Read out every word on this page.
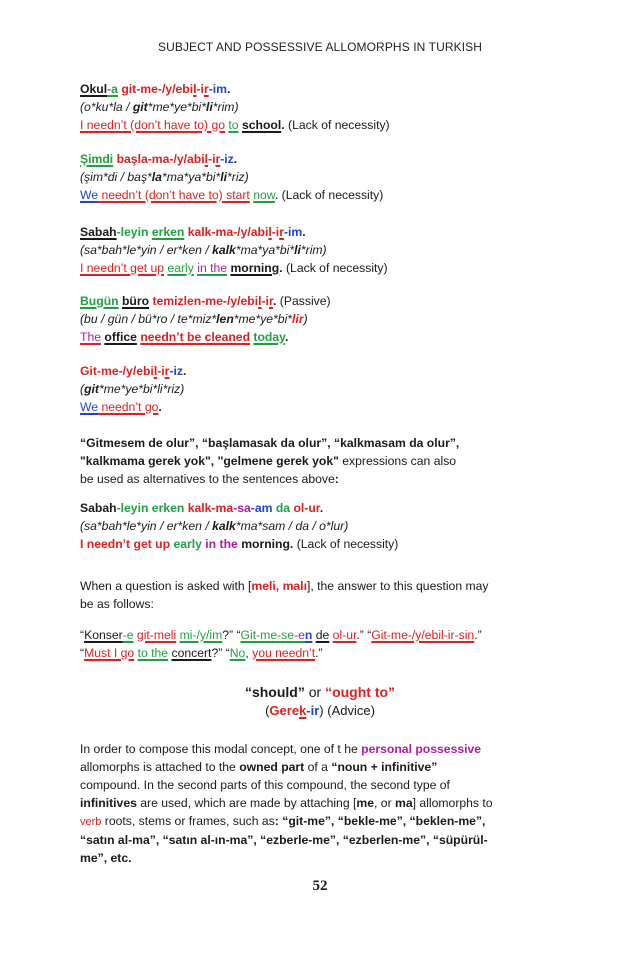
SUBJECT AND POSSESSIVE ALLOMORPHS IN TURKISH
Okul-a git-me-/y/ebil-ir-im.
(o*ku*la / git*me*ye*bi*li*rim)
I needn’t (don’t have to) go to school. (Lack of necessity)
Şimdi başla-ma-/y/abil-ir-iz.
(şim*di / baş*la*ma*ya*bi*li*riz)
We needn’t (don’t have to) start now. (Lack of necessity)
Sabah-leyin erken kalk-ma-/y/abil-ir-im.
(sa*bah*le*yin / er*ken / kalk*ma*ya*bi*li*rim)
I needn’t get up early in the morning. (Lack of necessity)
Bugün büro temizlen-me-/y/ebil-ir. (Passive)
(bu / gün / bü*ro / te*miz*len*me*ye*bi*lir)
The office needn’t be cleaned today.
Git-me-/y/ebil-ir-iz.
(git*me*ye*bi*li*riz)
We needn’t go.
“Gitmesem de olur”, “başlamasak da olur”, “kalkmasam da olur”,
"kalkmama gerek yok", "gelmene gerek yok" expressions can also
be used as alternatives to the sentences above:
Sabah-leyin erken kalk-ma-sa-am da ol-ur.
(sa*bah*le*yin / er*ken / kalk*ma*sam / da / o*lur)
I needn’t get up early in the morning. (Lack of necessity)
When a question is asked with [meli, malı], the answer to this question may
be as follows:
“Konser-e git-meli mi-/y/im?” “Git-me-se-en de ol-ur.” “Git-me-/y/ebil-ir-sin.”
“Must I go to the concert?” “No, you needn’t.”
“should” or “ought to”
(Gerek-ir) (Advice)
In order to compose this modal concept, one of t he personal possessive
allomorphs is attached to the owned part of a “noun + infinitive”
compound. In the second parts of this compound, the second type of
infinitives are used, which are made by attaching [me, or ma] allomorphs to
verb roots, stems or frames, such as: “git-me”, “bekle-me”, “beklen-me”,
“satın al-ma”, “satın al-ın-ma”, “ezberle-me”, “ezberlen-me”, “süpürül-
me”, etc.
52
